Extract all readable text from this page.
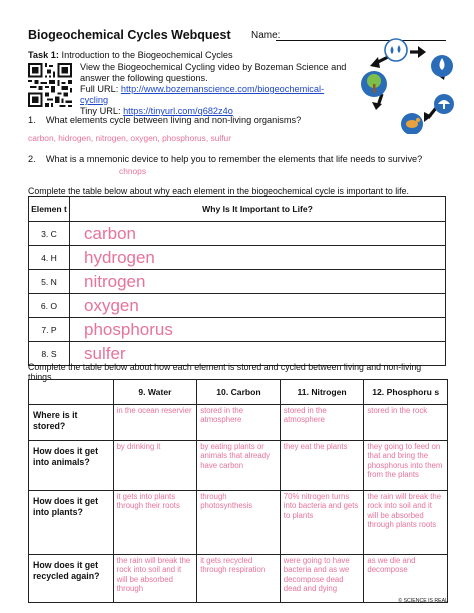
Biogeochemical Cycles Webquest Name:
Task 1: Introduction to the Biogeochemical Cycles
View the Biogeochemical Cycling video by Bozeman Science and answer the following questions.
Full URL: http://www.bozemanscience.com/biogeochemical-cycling
Tiny URL: https://tinyurl.com/q682z4o
1. What elements cycle between living and non-living organisms?
carbon, hidrogen, nitrogen, oxygen, phosphorus, sulfur
2. What is a mnemonic device to help you to remember the elements that life needs to survive?
chnops
Complete the table below about why each element in the biogeochemical cycle is important to life.
Elemen t	Why Is It Important to Life?
3. C	carbon
4. H	hydrogen
5. N	nitrogen
6. O	oxygen
7. P	phosphorus
8. S	sulfer
Complete the table below about how each element is stored and cycled between living and non-living things.
	9. Water	10. Carbon	11. Nitrogen	12. Phosphoru s
Where is it stored?	in the ocean reservier	stored in the atmosphere	stored in the atmosphere	stored in the rock
How does it get into animals?	by drinking it	by eating plants or animals that already have carbon	they eat the plants	they going to feed on that and bring the phosphorus into them from the plants
How does it get into plants?	it gets into plants through their roots	through photosynthesis	70% nitrogen turns into bacteria and gets to plants	the rain will break the rock into soil and it will be absorbed through plants roots
How does it get recycled again?	the rain will break the rock into soil and it will be absorbed through	it gets recycled through respiration	were going to have bacteria and as we decompose dead dead and dying	as we die and decompose
© SCIENCE IS REAL
